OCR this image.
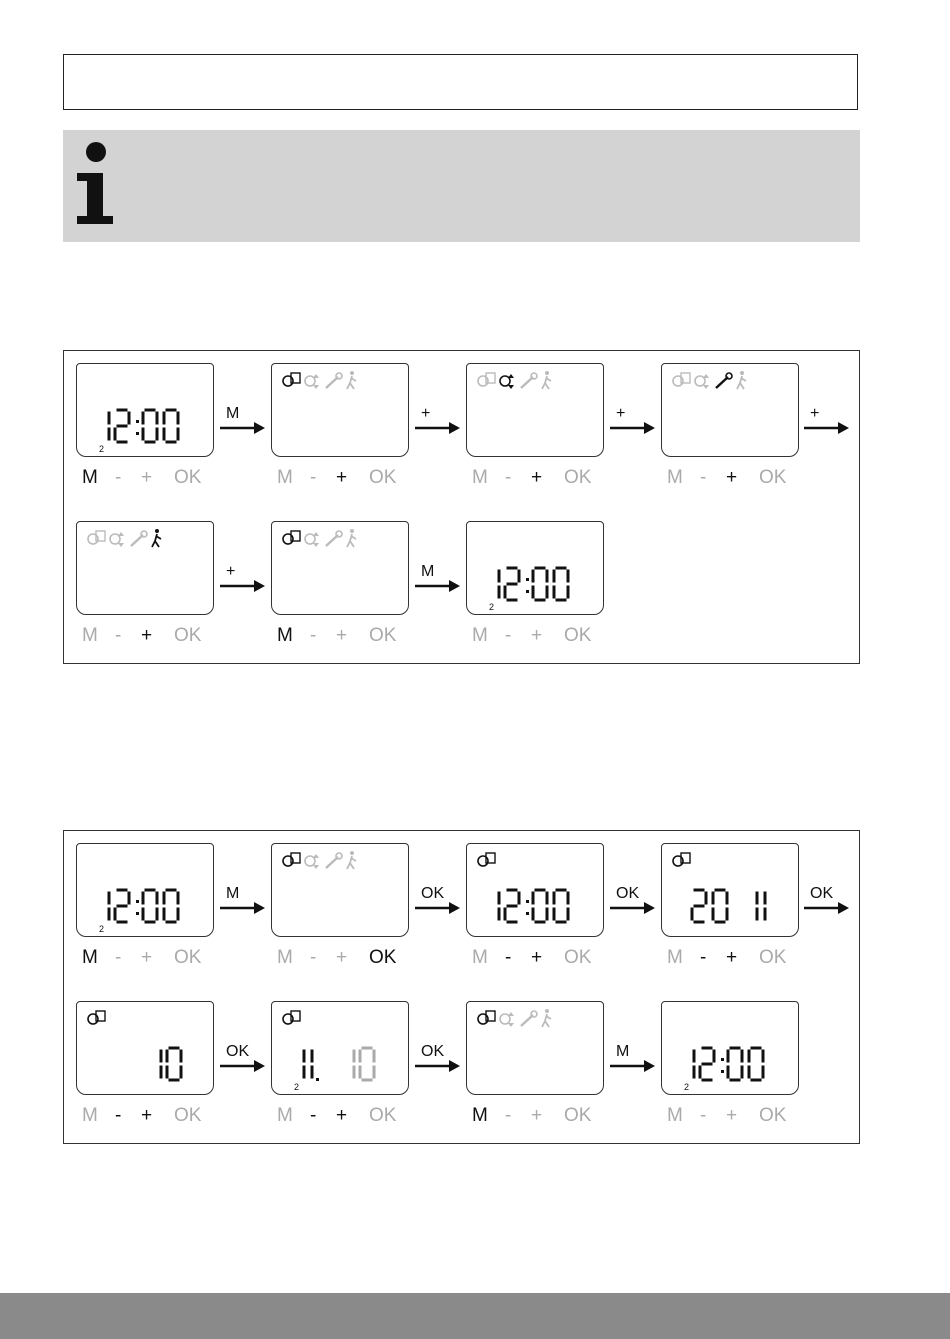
2
M - + OK	M - + OK	M - + OK	M - + OK
M - + OK	M - + OK
2
M - + OK
M	+	+	+
+	M
2
M - + OK	M - + OK	M - + OK	M - + OK
M - + OK
2
M - + OK	M - + OK
2
M - + OK
M	OK	OK	OK
OK	OK	M
